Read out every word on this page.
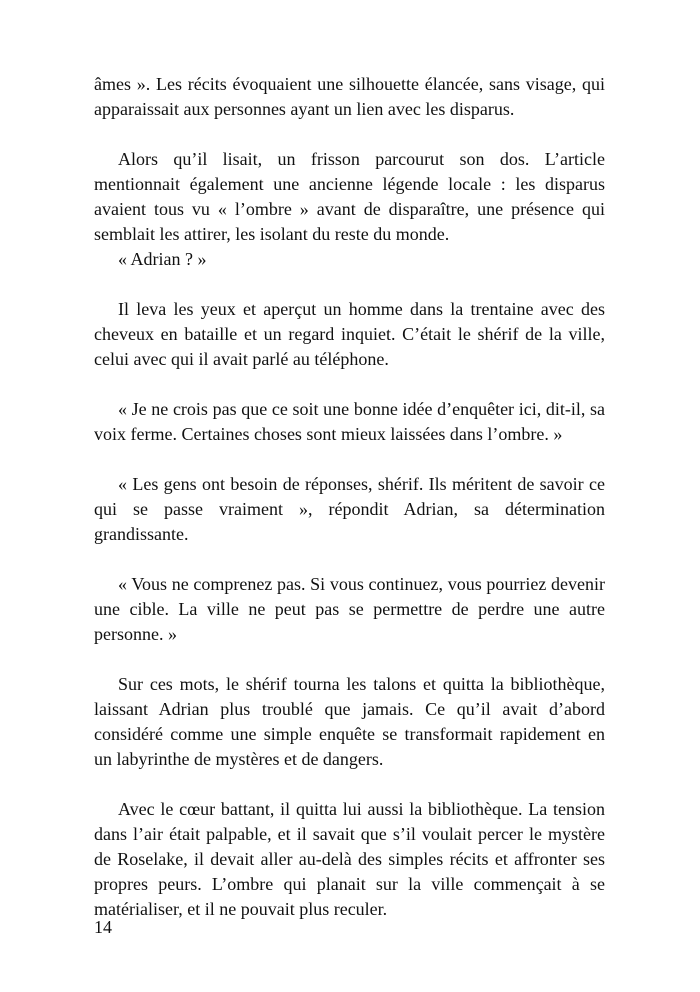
âmes ». Les récits évoquaient une silhouette élancée, sans visage, qui apparaissait aux personnes ayant un lien avec les disparus.

Alors qu’il lisait, un frisson parcourut son dos. L’article mentionnait également une ancienne légende locale : les disparus avaient tous vu « l’ombre » avant de disparaître, une présence qui semblait les attirer, les isolant du reste du monde.

« Adrian ? »

Il leva les yeux et aperçut un homme dans la trentaine avec des cheveux en bataille et un regard inquiet. C’était le shérif de la ville, celui avec qui il avait parlé au téléphone.

« Je ne crois pas que ce soit une bonne idée d’enquêter ici, dit-il, sa voix ferme. Certaines choses sont mieux laissées dans l’ombre. »

« Les gens ont besoin de réponses, shérif. Ils méritent de savoir ce qui se passe vraiment », répondit Adrian, sa détermination grandissante.

« Vous ne comprenez pas. Si vous continuez, vous pourriez devenir une cible. La ville ne peut pas se permettre de perdre une autre personne. »

Sur ces mots, le shérif tourna les talons et quitta la bibliothèque, laissant Adrian plus troublé que jamais. Ce qu’il avait d’abord considéré comme une simple enquête se transformait rapidement en un labyrinthe de mystères et de dangers.

Avec le cœur battant, il quitta lui aussi la bibliothèque. La tension dans l’air était palpable, et il savait que s’il voulait percer le mystère de Roselake, il devait aller au-delà des simples récits et affronter ses propres peurs. L’ombre qui planait sur la ville commençait à se matérialiser, et il ne pouvait plus reculer.

14
